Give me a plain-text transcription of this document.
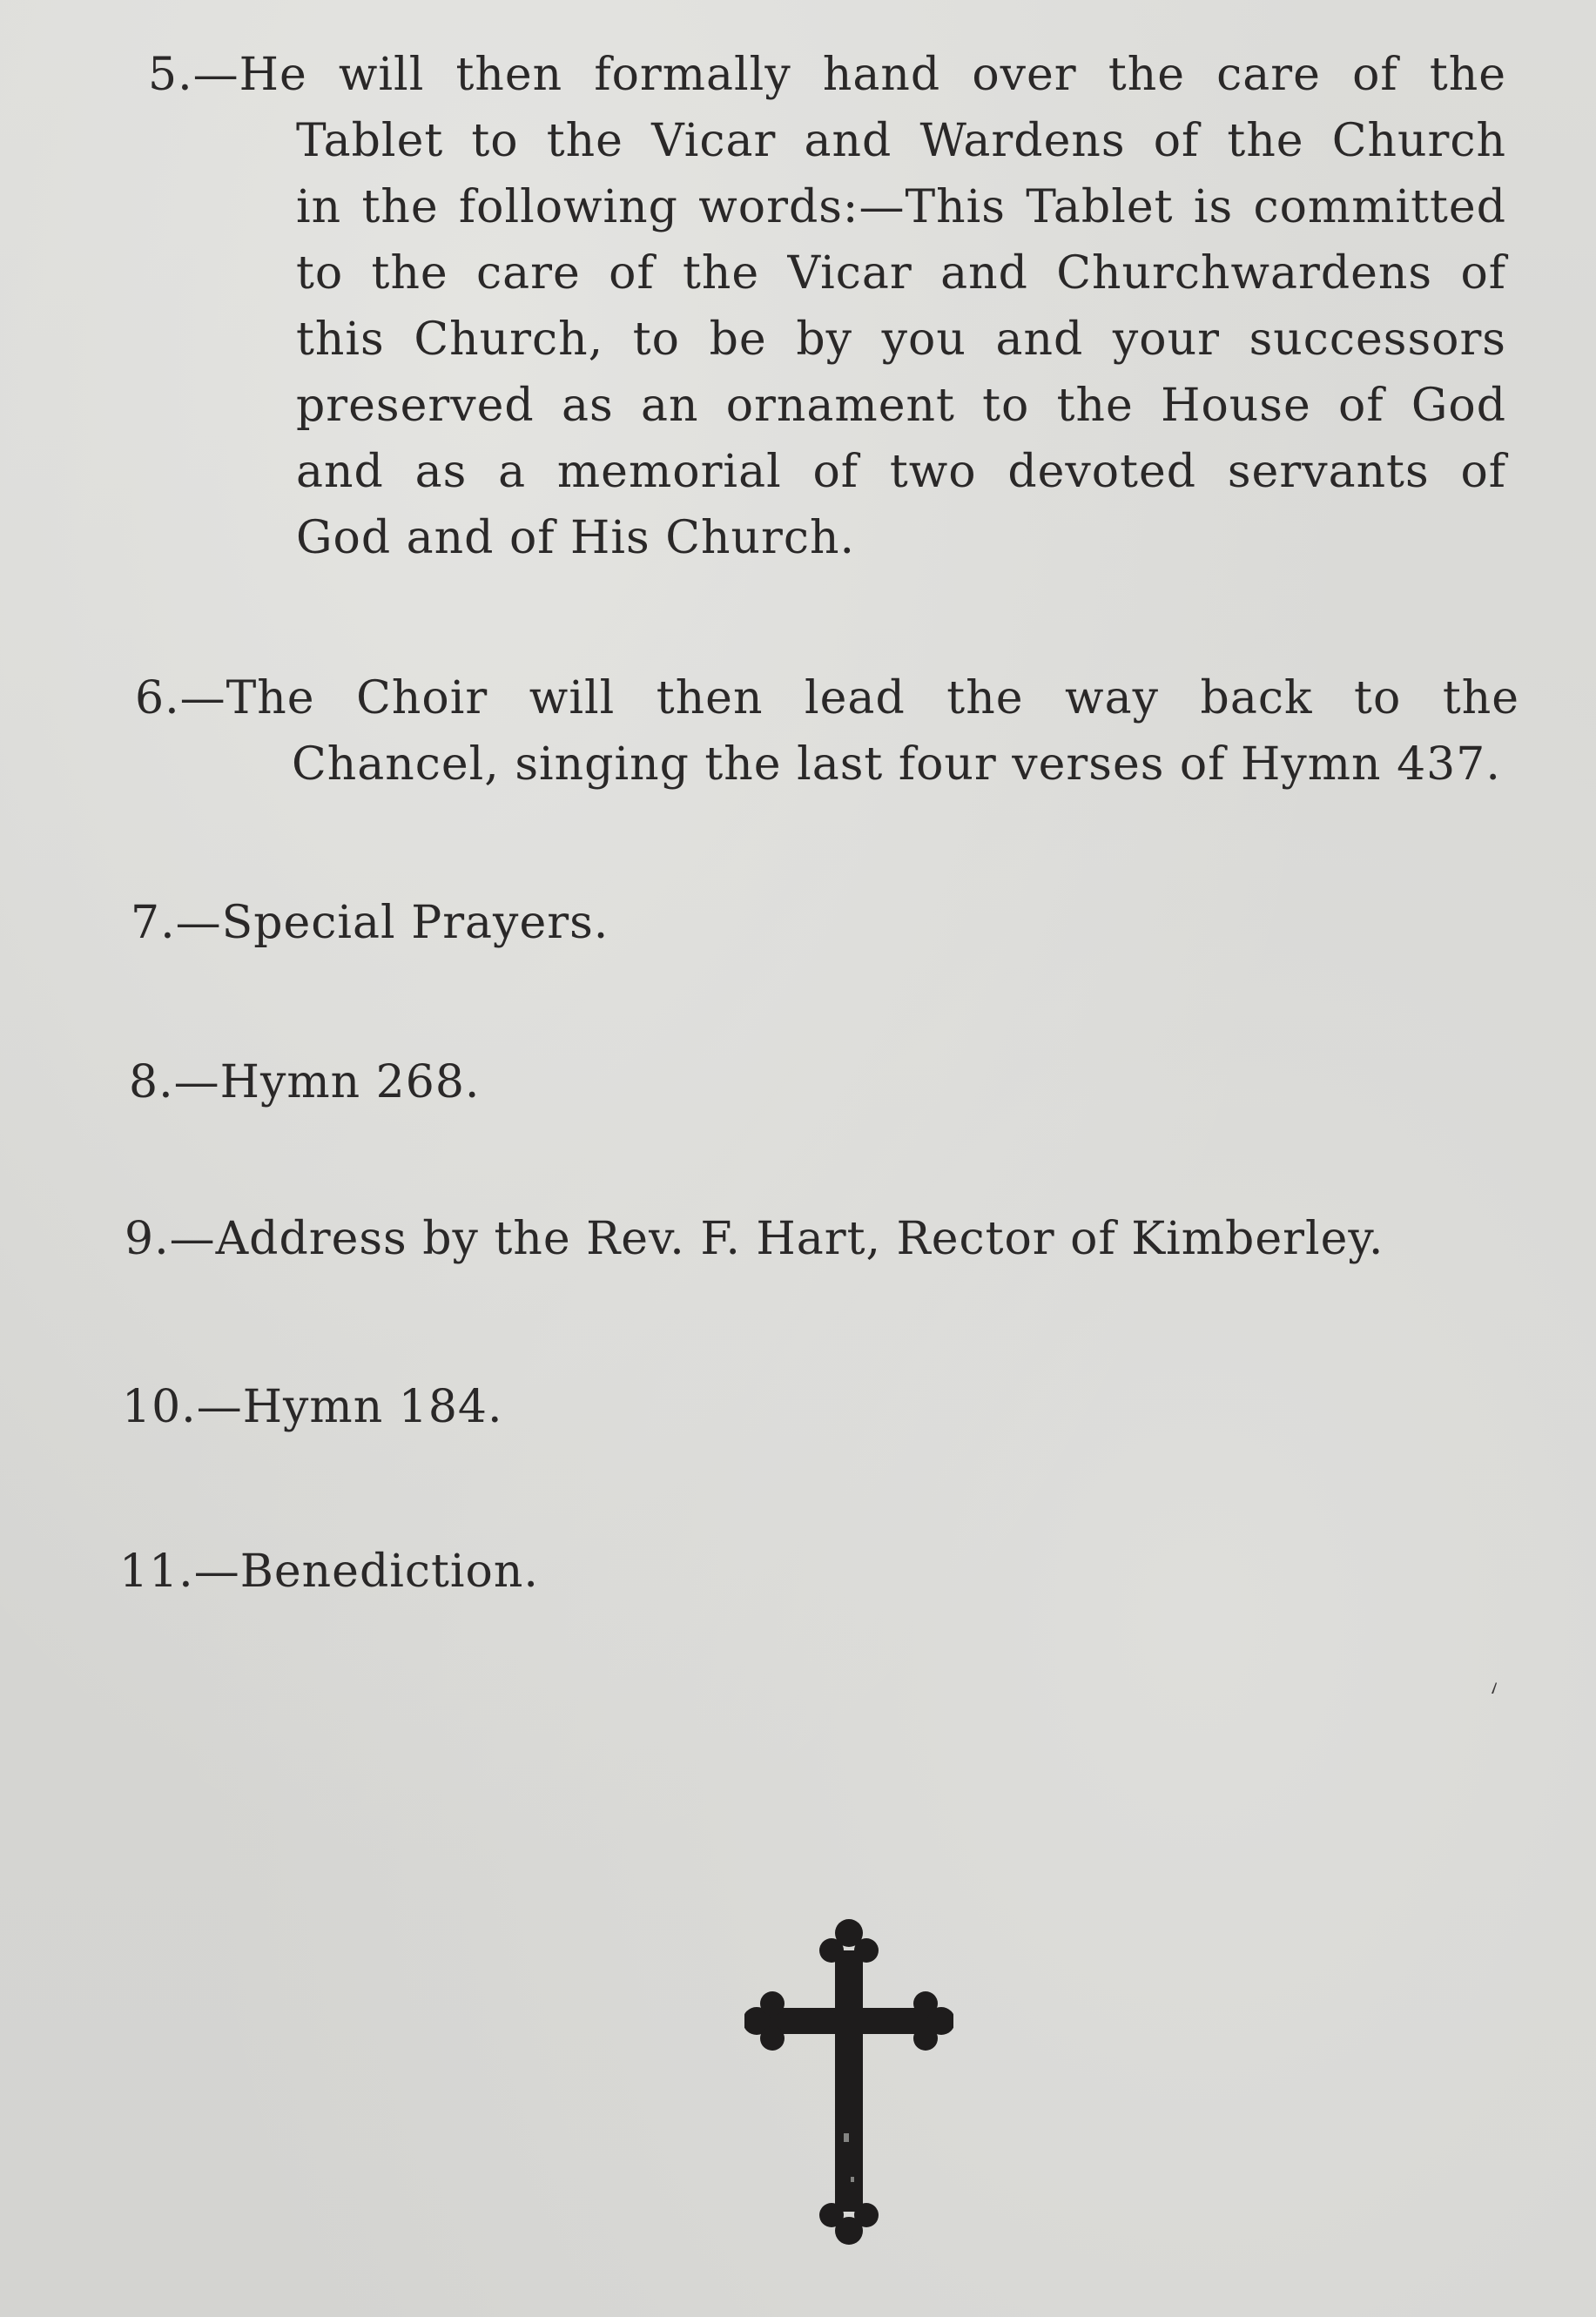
5.—He will then formally hand over the care of the
Tablet to the Vicar and Wardens of the Church
in the following words:—This Tablet is committed
to the care of the Vicar and Churchwardens of
this Church, to be by you and your successors
preserved as an ornament to the House of God
and as a memorial of two devoted servants of
God and of His Church.
6.—The Choir will then lead the way back to the
Chancel, singing the last four verses of Hymn 437.
7.—Special Prayers.
8.—Hymn 268.
9.—Address by the Rev. F. Hart, Rector of Kimberley.
10.—Hymn 184.
11.—Benediction.
